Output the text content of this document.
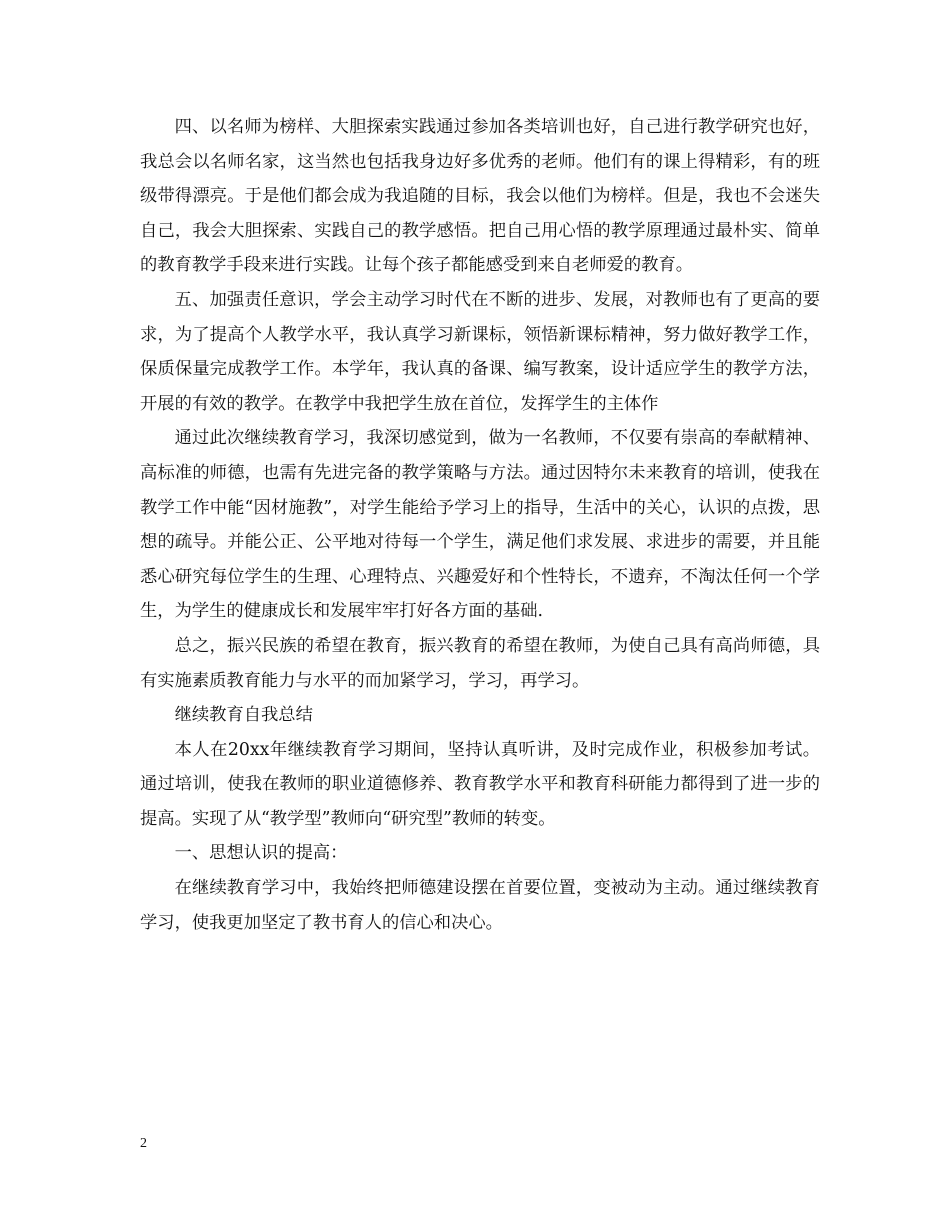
四、以名师为榜样、大胆探索实践通过参加各类培训也好，自己进行教学研究也好，我总会以名师名家，这当然也包括我身边好多优秀的老师。他们有的课上得精彩，有的班级带得漂亮。于是他们都会成为我追随的目标，我会以他们为榜样。但是，我也不会迷失自己，我会大胆探索、实践自己的教学感悟。把自己用心悟的教学原理通过最朴实、简单的教育教学手段来进行实践。让每个孩子都能感受到来自老师爱的教育。

五、加强责任意识，学会主动学习时代在不断的进步、发展，对教师也有了更高的要求，为了提高个人教学水平，我认真学习新课标，领悟新课标精神，努力做好教学工作，保质保量完成教学工作。本学年，我认真的备课、编写教案，设计适应学生的教学方法，开展的有效的教学。在教学中我把学生放在首位，发挥学生的主体作

通过此次继续教育学习，我深切感觉到，做为一名教师，不仅要有崇高的奉献精神、高标准的师德，也需有先进完备的教学策略与方法。通过因特尔未来教育的培训，使我在教学工作中能“因材施教”，对学生能给予学习上的指导，生活中的关心，认识的点拨，思想的疏导。并能公正、公平地对待每一个学生，满足他们求发展、求进步的需要，并且能悉心研究每位学生的生理、心理特点、兴趣爱好和个性特长，不遗弃，不淘汰任何一个学生，为学生的健康成长和发展牢牢打好各方面的基础.

总之，振兴民族的希望在教育，振兴教育的希望在教师，为使自己具有高尚师德，具有实施素质教育能力与水平的而加紧学习，学习，再学习。

继续教育自我总结

本人在20xx年继续教育学习期间，坚持认真听讲，及时完成作业，积极参加考试。通过培训，使我在教师的职业道德修养、教育教学水平和教育科研能力都得到了进一步的提高。实现了从“教学型”教师向“研究型”教师的转变。

一、思想认识的提高：

在继续教育学习中，我始终把师德建设摆在首要位置，变被动为主动。通过继续教育学习，使我更加坚定了教书育人的信心和决心。

2
